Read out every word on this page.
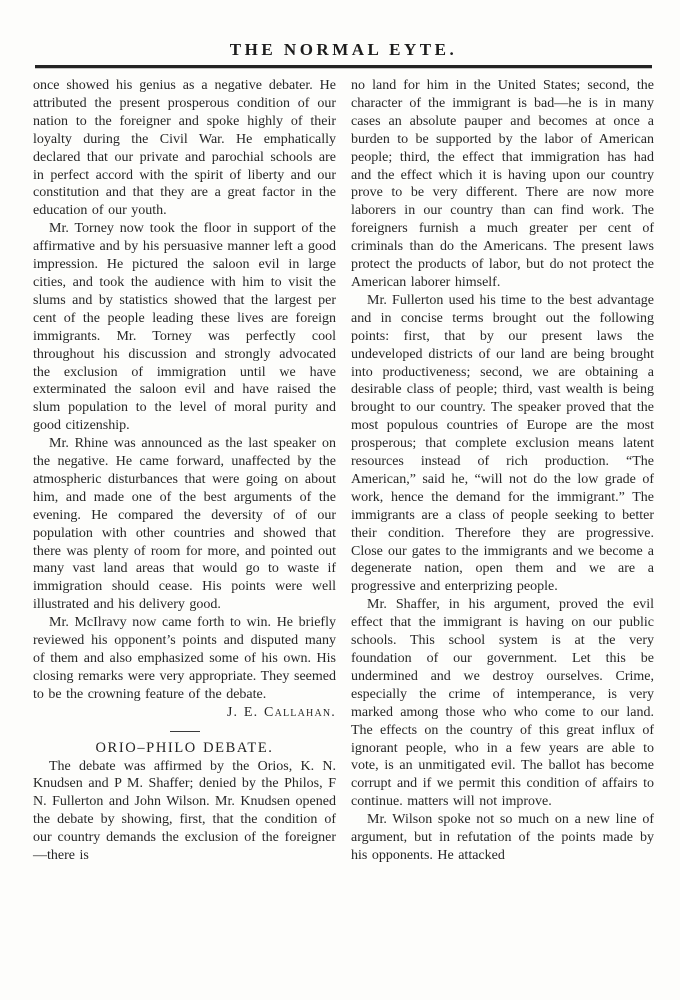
THE NORMAL EYTE.

once showed his genius as a negative debater. He attributed the present prosperous condition of our nation to the foreigner and spoke highly of their loyalty during the Civil War. He emphatically declared that our private and parochial schools are in perfect accord with the spirit of liberty and our constitution and that they are a great factor in the education of our youth.

Mr. Torney now took the floor in support of the affirmative and by his persuasive manner left a good impression. He pictured the saloon evil in large cities, and took the audience with him to visit the slums and by statistics showed that the largest per cent of the people leading these lives are foreign immigrants. Mr. Torney was perfectly cool throughout his discussion and strongly advocated the exclusion of immigration until we have exterminated the saloon evil and have raised the slum population to the level of moral purity and good citizenship.

Mr. Rhine was announced as the last speaker on the negative. He came forward, unaffected by the atmospheric disturbances that were going on about him, and made one of the best arguments of the evening. He compared the deversity of of our population with other countries and showed that there was plenty of room for more, and pointed out many vast land areas that would go to waste if immigration should cease. His points were well illustrated and his delivery good.

Mr. McIlravy now came forth to win. He briefly reviewed his opponent’s points and disputed many of them and also emphasized some of his own. His closing remarks were very appropriate. They seemed to be the crowning feature of the debate.

J. E. Callahan.

ORIO–PHILO DEBATE.

The debate was affirmed by the Orios, K. N. Knudsen and P M. Shaffer; denied by the Philos, F N. Fullerton and John Wilson. Mr. Knudsen opened the debate by showing, first, that the condition of our country demands the exclusion of the foreigner—there is

no land for him in the United States; second, the character of the immigrant is bad—he is in many cases an absolute pauper and becomes at once a burden to be supported by the labor of American people; third, the effect that immigration has had and the effect which it is having upon our country prove to be very different. There are now more laborers in our country than can find work. The foreigners furnish a much greater per cent of criminals than do the Americans. The present laws protect the products of labor, but do not protect the American laborer himself.

Mr. Fullerton used his time to the best advantage and in concise terms brought out the following points: first, that by our present laws the undeveloped districts of our land are being brought into productiveness; second, we are obtaining a desirable class of people; third, vast wealth is being brought to our country. The speaker proved that the most populous countries of Europe are the most prosperous; that complete exclusion means latent resources instead of rich production. “The American,” said he, “will not do the low grade of work, hence the demand for the immigrant.” The immigrants are a class of people seeking to better their condition. Therefore they are progressive. Close our gates to the immigrants and we become a degenerate nation, open them and we are a progressive and enterprizing people.

Mr. Shaffer, in his argument, proved the evil effect that the immigrant is having on our public schools. This school system is at the very foundation of our government. Let this be undermined and we destroy ourselves. Crime, especially the crime of intemperance, is very marked among those who who come to our land. The effects on the country of this great influx of ignorant people, who in a few years are able to vote, is an unmitigated evil. The ballot has become corrupt and if we permit this condition of affairs to continue. matters will not improve.

Mr. Wilson spoke not so much on a new line of argument, but in refutation of the points made by his opponents. He attacked
